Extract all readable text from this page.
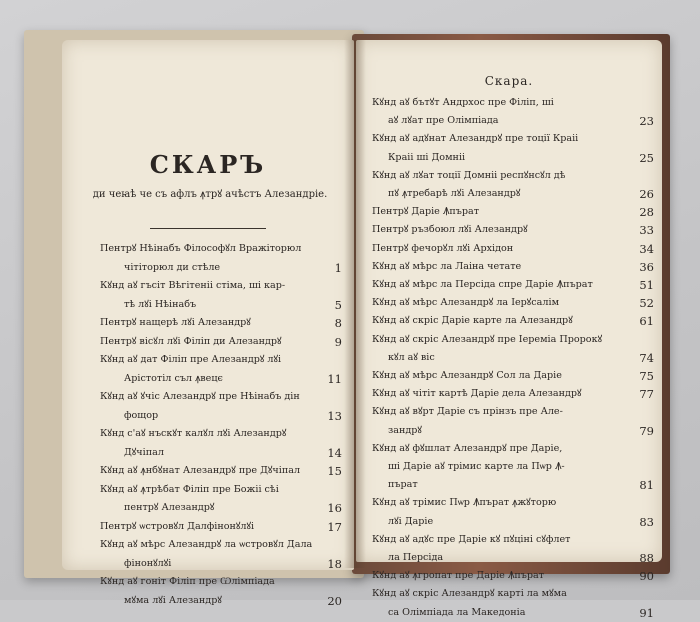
СКАРЪ
ди чеꙗѣ че съ афлъ ꙟтрꙋ ачѣстъ Алезандріе.
Скара.
Пентрꙋ Нѣінабъ Філософꙋл Вражіторюл
чітіторюл ди стѣле	1
Кꙋнд аꙋ гъсіт Вѣгітеніі стіма, ші кар-
тѣ лꙋі Нѣінабъ	5
Пентрꙋ нащерѣ лꙋі Алезандрꙋ	8
Пентрꙋ вісꙋл лꙋі Філіп ди Алезандрꙋ	9
Кꙋнд аꙋ дат Філіп пре Алезандрꙋ лꙋі
Арістотіл съл ꙟвецє	11
Кꙋнд аꙋ ꙋчіс Алезандрꙋ пре Нѣінабъ дін
фощор	13
Кꙋнд с'аꙋ нъскꙋт калꙋл лꙋі Алезандрꙋ
Дꙋчіпал	14
Кꙋнд аꙋ ꙟнбꙋнат Алезандрꙋ пре Дꙋчіпал	15
Кꙋнд аꙋ ꙟтрѣбат Філіп пре Божіі сѣі
пентрꙋ Алезандрꙋ	16
Пентрꙋ ѡстровꙋл Далфінонꙋлꙋі	17
Кꙋнд аꙋ мѣрс Алезандрꙋ ла ѡстровꙋл Дала
фінонꙋлꙋі	18
Кꙋнд аꙋ гоніт Філіп пре Ѡлімпіада
мꙋма лꙋі Алезандрꙋ	20
Кꙋнд аꙋ бътꙋт Андрхос пре Філіп, ші
аꙋ лꙋат пре Олімпіада	23
Кꙋнд аꙋ адꙋнат Алезандрꙋ пре тоції Краіі
Краіі ші Домніі	25
Кꙋнд аꙋ лꙋат тоції Домніі респꙋнсꙋл дѣ
пꙋ ꙟтребарѣ лꙋі Алезандрꙋ	26
Пентрꙋ Даріе Ꙟпърат	28
Пентрꙋ ръзбоюл лꙋі Алезандрꙋ	33
Пентрꙋ фечорꙋл лꙋі Архідон	34
Кꙋнд аꙋ мѣрс ла Лаіна четате	36
Кꙋнд аꙋ мѣрс ла Персіда спре Даріе Ꙟпърат	51
Кꙋнд аꙋ мѣрс Алезандрꙋ ла Іерꙋсалім	52
Кꙋнд аꙋ скріс Даріе карте ла Алезандрꙋ	61
Кꙋнд аꙋ скріс Алезандрꙋ пре Іереміа Пророкꙋ
кꙋл аꙋ віс	74
Кꙋнд аꙋ мѣрс Алезандрꙋ Сол ла Даріе	75
Кꙋнд аꙋ чітіт картѣ Даріе дела Алезандрꙋ	77
Кꙋнд аꙋ вꙋрт Даріе съ прінзъ пре Але-
зандрꙋ	79
Кꙋнд аꙋ фꙋшлат Алезандрꙋ пре Даріе,
ші Даріе аꙋ трімис карте ла Пѡр Ꙟ-
пърат	81
Кꙋнд аꙋ трімис Пѡр Ꙟпърат ꙟжꙋторю
лꙋі Даріе	83
Кꙋнд аꙋ адꙋс пре Даріе кꙋ пꙋціні сꙋфлет
ла Персіда	88
Кꙋнд аꙋ ꙟгропат пре Даріе Ꙟпърат	90
Кꙋнд аꙋ скріс Алезандрꙋ карті ла мꙋма
са Олімпіада ла Македоніа	91
